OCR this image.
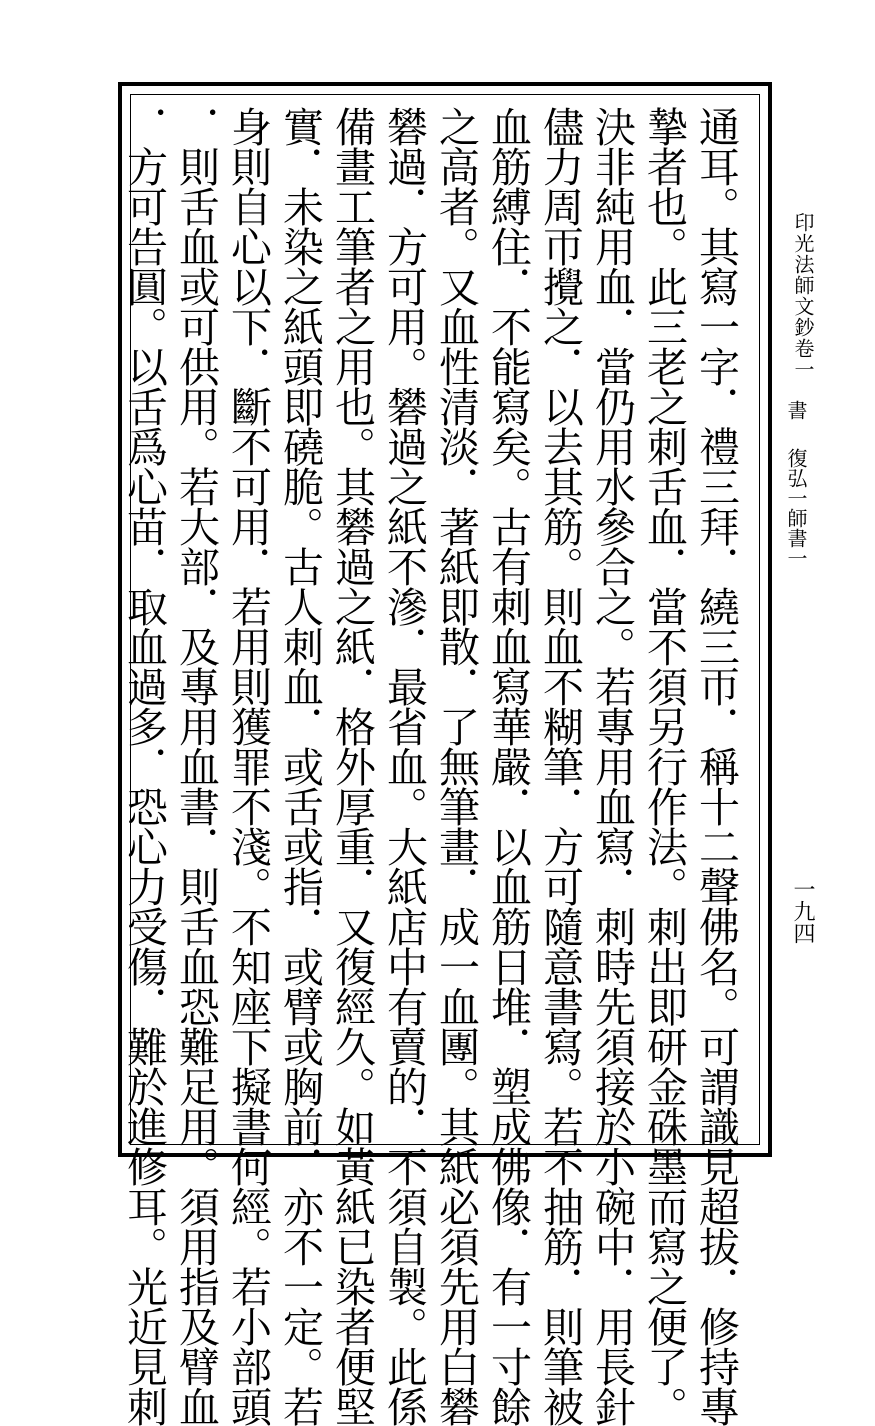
印光法師文鈔卷一
書
復弘一師書一
一九四

通耳。其寫一字．禮三拜．繞三帀．稱十二聲佛名。可謂識見超拔．修持專

摯者也。此三老之刺舌血．當不須另行作法。刺出即研金硃墨而寫之便了。

決非純用血．當仍用水參合之。若專用血寫．刺時先須接於小碗中．用長針

儘力周帀攪之．以去其筋。則血不糊筆．方可隨意書寫。若不抽筋．則筆被

血筋縛住．不能寫矣。古有刺血寫華嚴．以血筋日堆．塑成佛像．有一寸餘

之高者。又血性清淡．著紙即散．了無筆畫．成一血團。其紙必須先用白礬

礬過．方可用。礬過之紙不滲．最省血。大紙店中有賣的．不須自製。此係

備畫工筆者之用也。其礬過之紙．格外厚重．又復經久。如黃紙已染者便堅

實．未染之紙頭即磽脆。古人刺血．或舌或指．或臂或胸前．亦不一定。若

身則自心以下．斷不可用．若用則獲罪不淺。不知座下擬書何經。若小部頭

．則舌血或可供用。若大部．及專用血書．則舌血恐難足用。須用指及臂血

．方可告圓。以舌爲心苗．取血過多．恐心力受傷．難於進修耳。光近見刺
